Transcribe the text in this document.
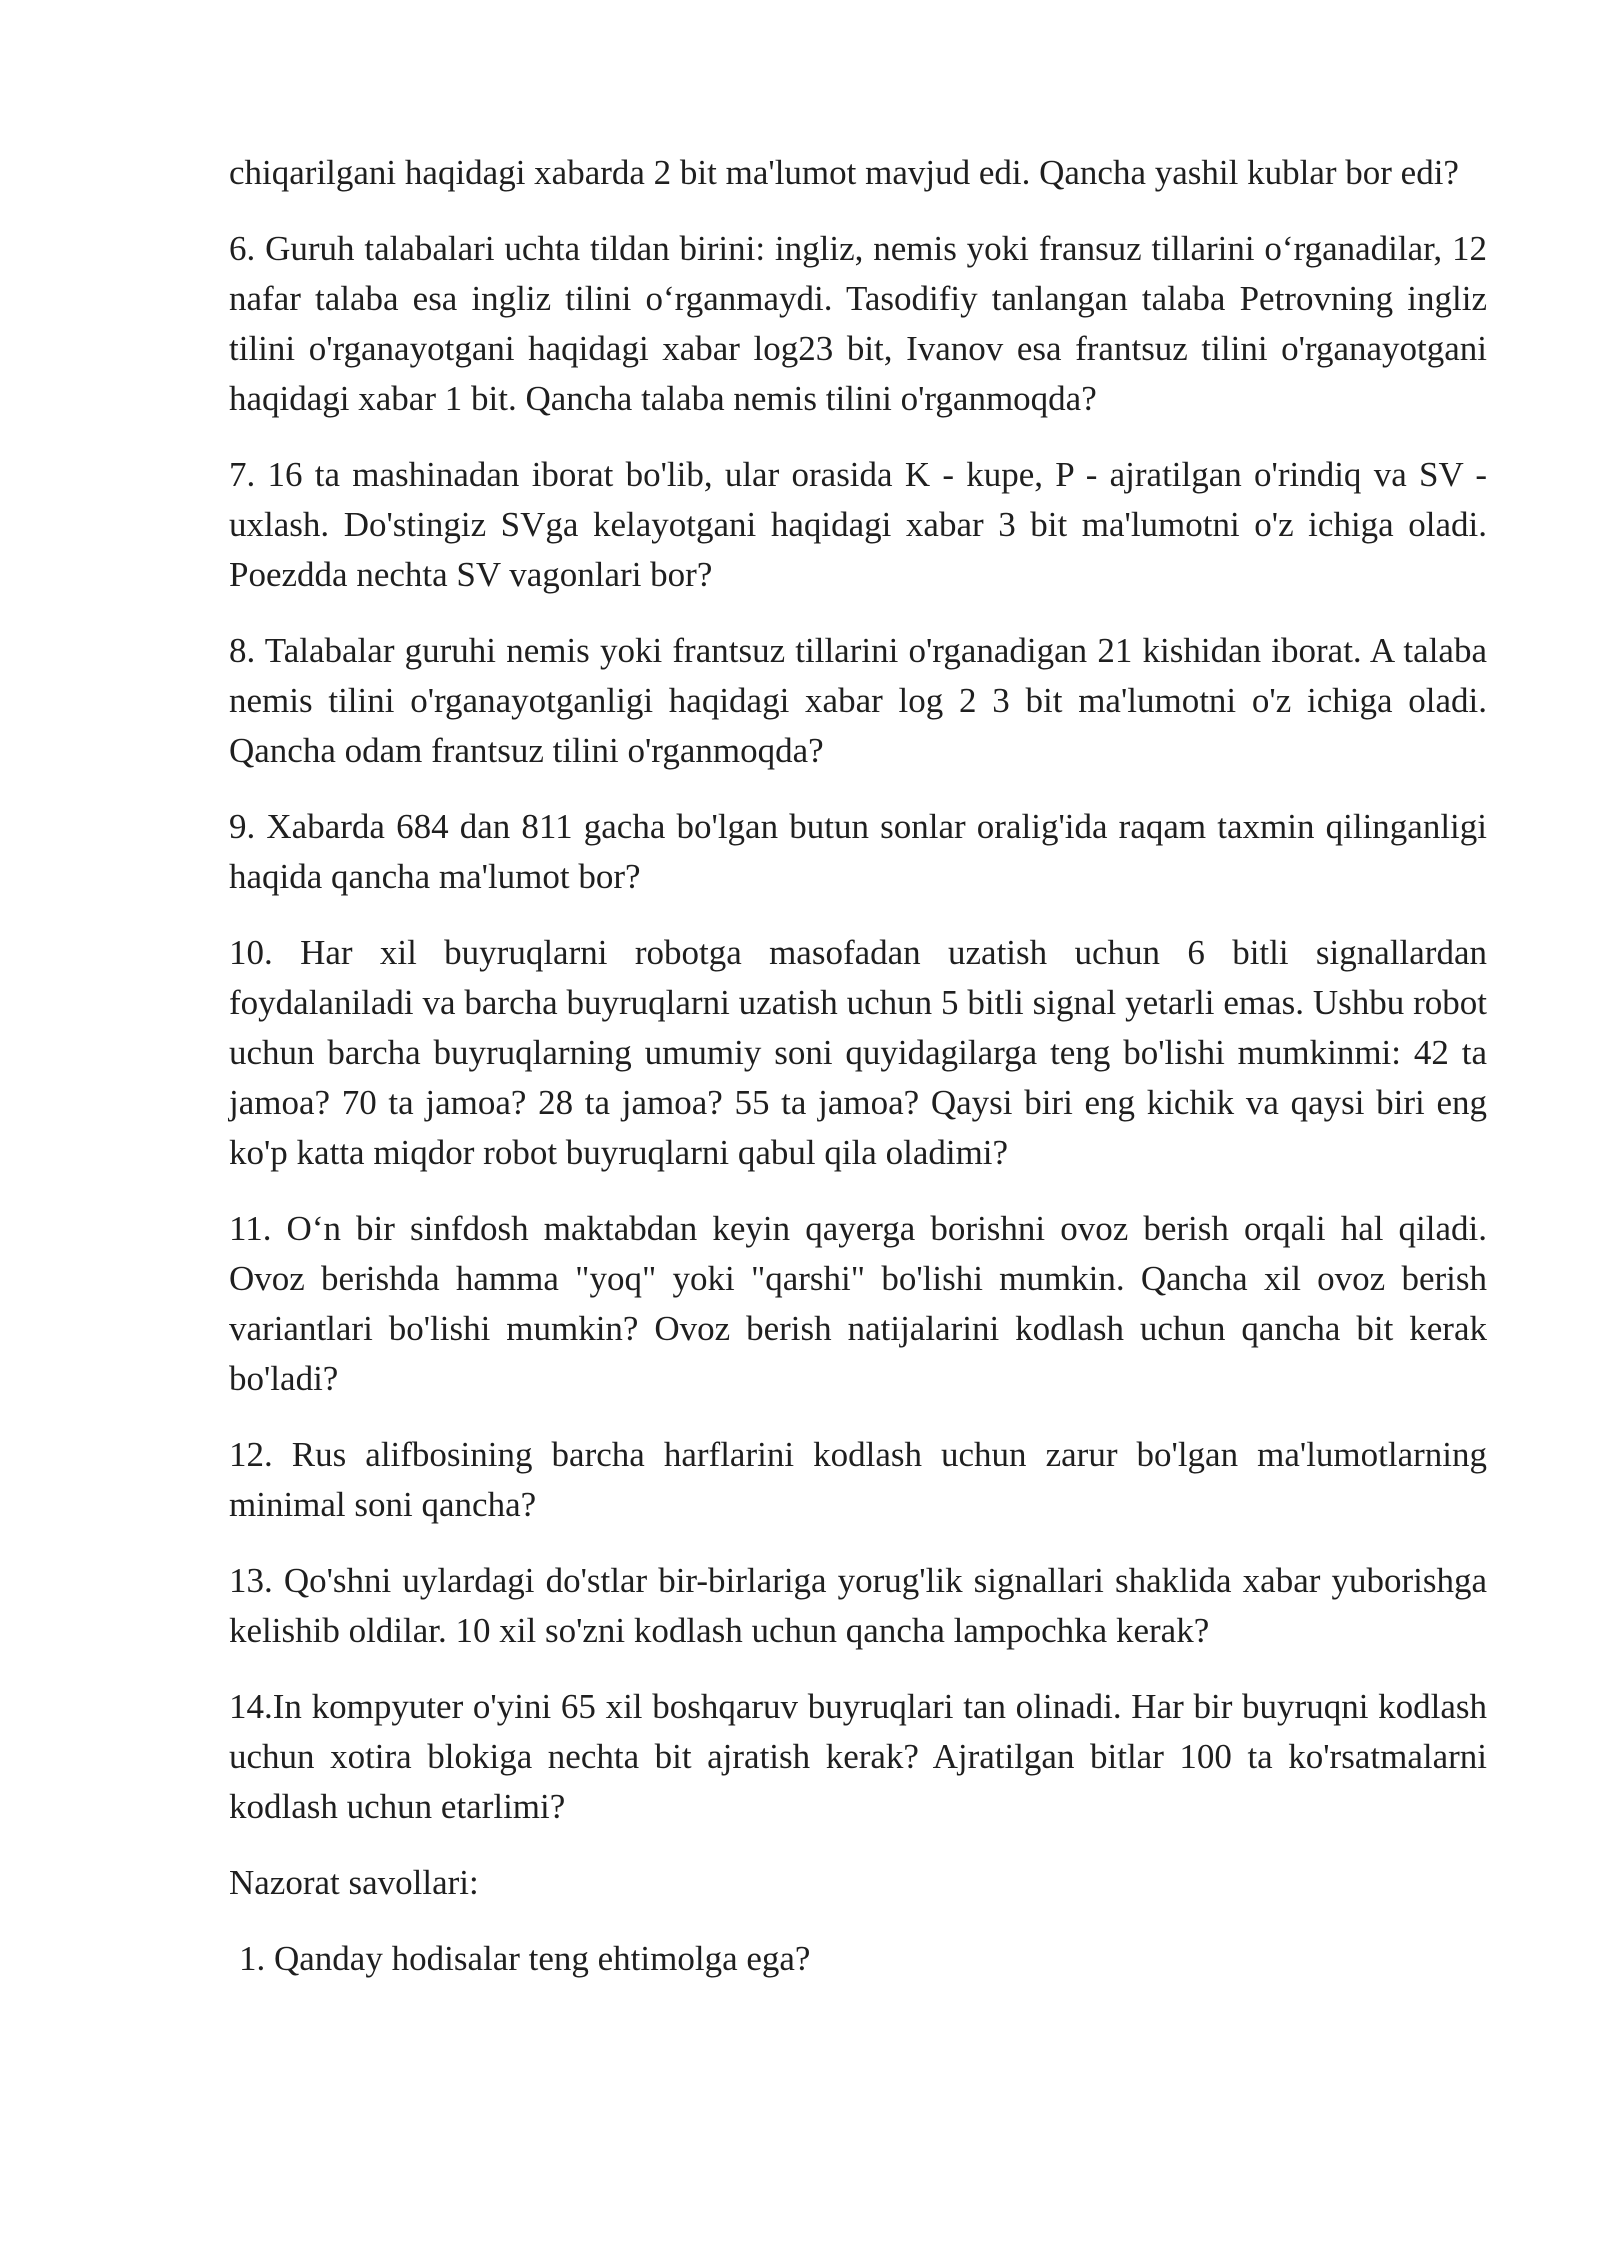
chiqarilgani haqidagi xabarda 2 bit ma'lumot mavjud edi. Qancha yashil kublar bor edi?

6. Guruh talabalari uchta tildan birini: ingliz, nemis yoki fransuz tillarini o‘rganadilar, 12 nafar talaba esa ingliz tilini o‘rganmaydi. Tasodifiy tanlangan talaba Petrovning ingliz tilini o'rganayotgani haqidagi xabar log23 bit, Ivanov esa frantsuz tilini o'rganayotgani haqidagi xabar 1 bit. Qancha talaba nemis tilini o'rganmoqda?

7. 16 ta mashinadan iborat bo'lib, ular orasida K - kupe, P - ajratilgan o'rindiq va SV - uxlash. Do'stingiz SVga kelayotgani haqidagi xabar 3 bit ma'lumotni o'z ichiga oladi. Poezdda nechta SV vagonlari bor?

8. Talabalar guruhi nemis yoki frantsuz tillarini o'rganadigan 21 kishidan iborat. A talaba nemis tilini o'rganayotganligi haqidagi xabar log 2 3 bit ma'lumotni o'z ichiga oladi. Qancha odam frantsuz tilini o'rganmoqda?

9. Xabarda 684 dan 811 gacha bo'lgan butun sonlar oralig'ida raqam taxmin qilinganligi haqida qancha ma'lumot bor?

10. Har xil buyruqlarni robotga masofadan uzatish uchun 6 bitli signallardan foydalaniladi va barcha buyruqlarni uzatish uchun 5 bitli signal yetarli emas. Ushbu robot uchun barcha buyruqlarning umumiy soni quyidagilarga teng bo'lishi mumkinmi: 42 ta jamoa? 70 ta jamoa? 28 ta jamoa? 55 ta jamoa? Qaysi biri eng kichik va qaysi biri eng ko'p katta miqdor robot buyruqlarni qabul qila oladimi?

11. O‘n bir sinfdosh maktabdan keyin qayerga borishni ovoz berish orqali hal qiladi. Ovoz berishda hamma "yoq" yoki "qarshi" bo'lishi mumkin. Qancha xil ovoz berish variantlari bo'lishi mumkin? Ovoz berish natijalarini kodlash uchun qancha bit kerak bo'ladi?

12. Rus alifbosining barcha harflarini kodlash uchun zarur bo'lgan ma'lumotlarning minimal soni qancha?

13. Qo'shni uylardagi do'stlar bir-birlariga yorug'lik signallari shaklida xabar yuborishga kelishib oldilar. 10 xil so'zni kodlash uchun qancha lampochka kerak?

14.In kompyuter o'yini 65 xil boshqaruv buyruqlari tan olinadi. Har bir buyruqni kodlash uchun xotira blokiga nechta bit ajratish kerak? Ajratilgan bitlar 100 ta ko'rsatmalarni kodlash uchun etarlimi?

Nazorat savollari:

1. Qanday hodisalar teng ehtimolga ega?
